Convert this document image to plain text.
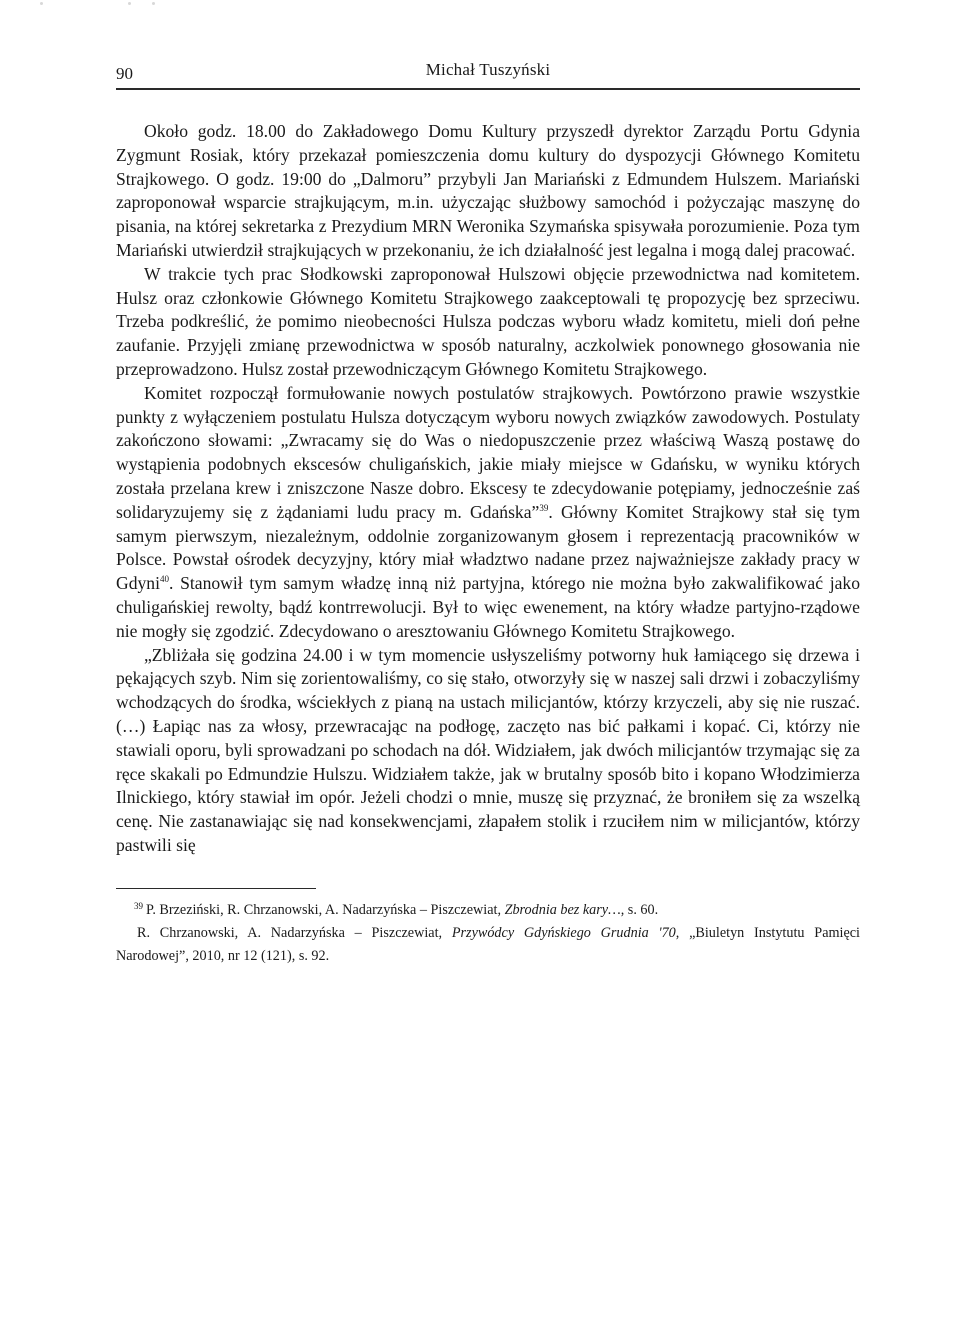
90	Michał Tuszyński

Około godz. 18.00 do Zakładowego Domu Kultury przyszedł dyrektor Zarządu Portu Gdynia Zygmunt Rosiak, który przekazał pomieszczenia domu kultury do dyspozycji Głównego Komitetu Strajkowego. O godz. 19:00 do „Dalmoru” przybyli Jan Mariański z Edmundem Hulszem. Mariański zaproponował wsparcie strajkującym, m.in. użyczając służbowy samochód i pożyczając maszynę do pisania, na której sekretarka z Prezydium MRN Weronika Szymańska spisywała porozumienie. Poza tym Mariański utwierdził strajkujących w przekonaniu, że ich działalność jest legalna i mogą dalej pracować.

W trakcie tych prac Słodkowski zaproponował Hulszowi objęcie przewodnictwa nad komitetem. Hulsz oraz członkowie Głównego Komitetu Strajkowego zaakceptowali tę propozycję bez sprzeciwu. Trzeba podkreślić, że pomimo nieobecności Hulsza podczas wyboru władz komitetu, mieli doń pełne zaufanie. Przyjęli zmianę przewodnictwa w sposób naturalny, aczkolwiek ponownego głosowania nie przeprowadzono. Hulsz został przewodniczącym Głównego Komitetu Strajkowego.

Komitet rozpoczął formułowanie nowych postulatów strajkowych. Powtórzono prawie wszystkie punkty z wyłączeniem postulatu Hulsza dotyczącym wyboru nowych związków zawodowych. Postulaty zakończono słowami: „Zwracamy się do Was o niedopuszczenie przez właściwą Waszą postawę do wystąpienia podobnych ekscesów chuligańskich, jakie miały miejsce w Gdańsku, w wyniku których została przelana krew i zniszczone Nasze dobro. Ekscesy te zdecydowanie potępiamy, jednocześnie zaś solidaryzujemy się z żądaniami ludu pracy m. Gdańska”$^{39}$. Główny Komitet Strajkowy stał się tym samym pierwszym, niezależnym, oddolnie zorganizowanym głosem i reprezentacją pracowników w Polsce. Powstał ośrodek decyzyjny, który miał władztwo nadane przez najważniejsze zakłady pracy w Gdyni$^{40}$. Stanowił tym samym władzę inną niż partyjna, którego nie można było zakwalifikować jako chuligańskiej rewolty, bądź kontrrewolucji. Był to więc ewenement, na który władze partyjno-rządowe nie mogły się zgodzić. Zdecydowano o aresztowaniu Głównego Komitetu Strajkowego.

„Zbliżała się godzina 24.00 i w tym momencie usłyszeliśmy potworny huk łamiącego się drzewa i pękających szyb. Nim się zorientowaliśmy, co się stało, otworzyły się w naszej sali drzwi i zobaczyliśmy wchodzących do środka, wściekłych z pianą na ustach milicjantów, którzy krzyczeli, aby się nie ruszać. (…) Łapiąc nas za włosy, przewracając na podłogę, zaczęto nas bić pałkami i kopać. Ci, którzy nie stawiali oporu, byli sprowadzani po schodach na dół. Widziałem, jak dwóch milicjantów trzymając się za ręce skakali po Edmundzie Hulszu. Widziałem także, jak w brutalny sposób bito i kopano Włodzimierza Ilnickiego, który stawiał im opór. Jeżeli chodzi o mnie, muszę się przyznać, że broniłem się za wszelką cenę. Nie zastanawiając się nad konsekwencjami, złapałem stolik i rzuciłem nim w milicjantów, którzy pastwili się

$^{39}$ P. Brzeziński, R. Chrzanowski, A. Nadarzyńska – Piszczewiat, Zbrodnia bez kary…, s. 60.

R. Chrzanowski, A. Nadarzyńska – Piszczewiat, Przywódcy Gdyńskiego Grudnia '70, „Biuletyn Instytutu Pamięci Narodowej”, 2010, nr 12 (121), s. 92.
